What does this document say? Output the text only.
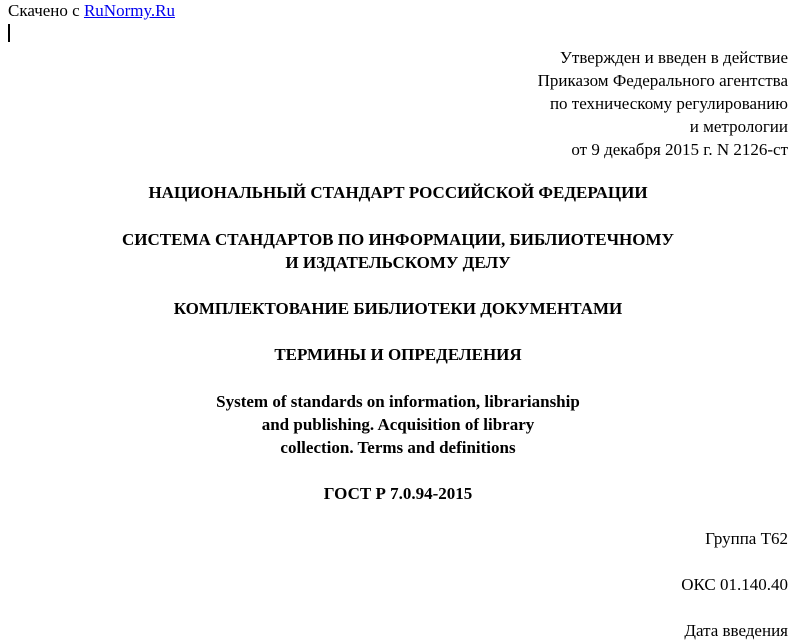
Скачено с RuNormy.Ru
Утвержден и введен в действие
Приказом Федерального агентства
по техническому регулированию
и метрологии
от 9 декабря 2015 г. N 2126-ст
НАЦИОНАЛЬНЫЙ СТАНДАРТ РОССИЙСКОЙ ФЕДЕРАЦИИ
СИСТЕМА СТАНДАРТОВ ПО ИНФОРМАЦИИ, БИБЛИОТЕЧНОМУ
И ИЗДАТЕЛЬСКОМУ ДЕЛУ
КОМПЛЕКТОВАНИЕ БИБЛИОТЕКИ ДОКУМЕНТАМИ
ТЕРМИНЫ И ОПРЕДЕЛЕНИЯ
System of standards on information, librarianship
and publishing. Acquisition of library
collection. Terms and definitions
ГОСТ Р 7.0.94-2015
Группа Т62
ОКС 01.140.40
Дата введения
